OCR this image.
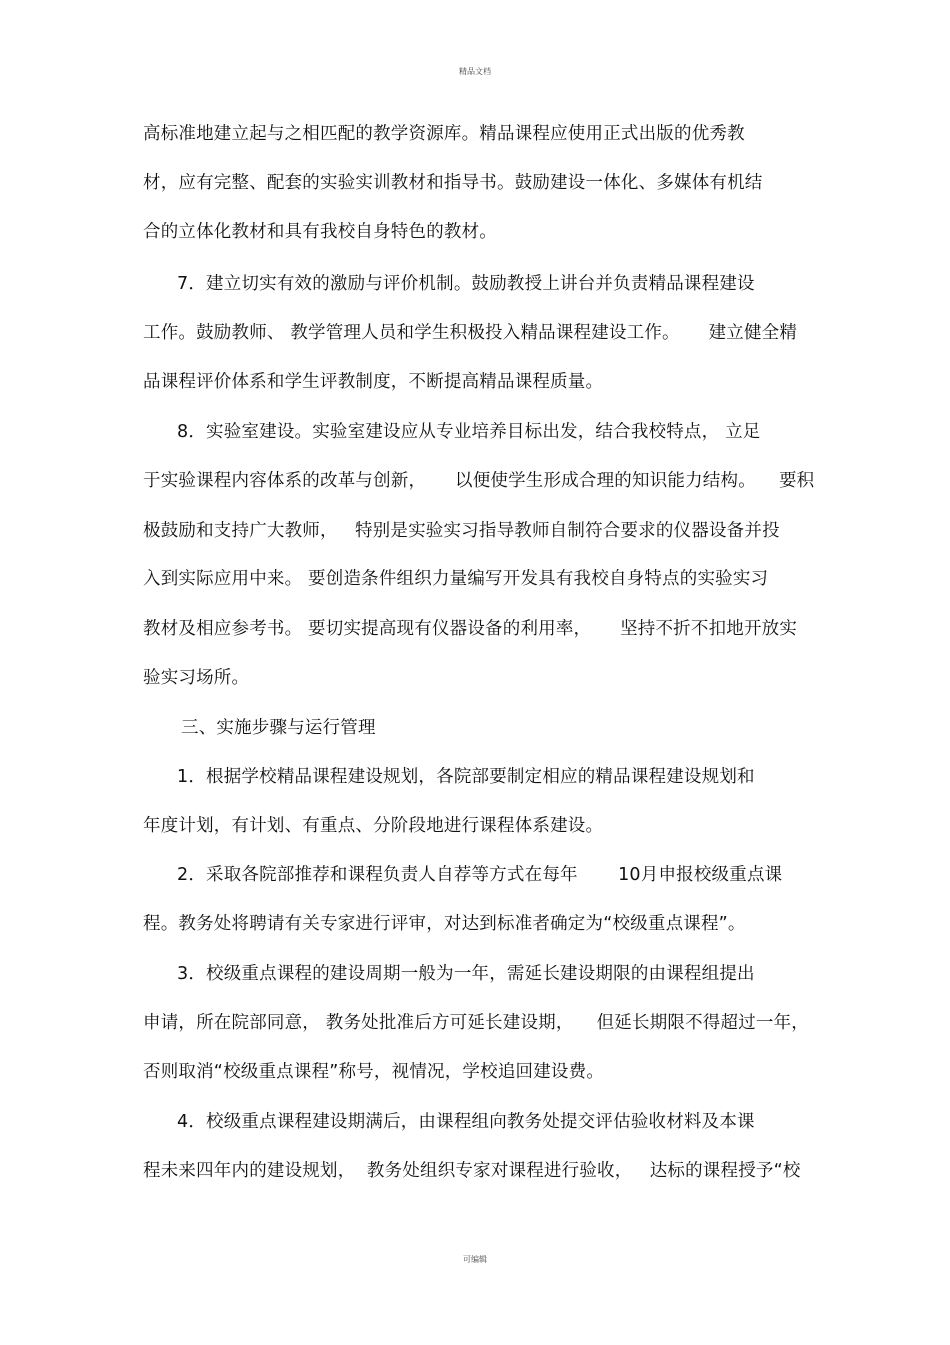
精品文档
高标准地建立起与之相匹配的教学资源库。精品课程应使用正式出版的优秀教
材，应有完整、配套的实验实训教材和指导书。鼓励建设一体化、多媒体有机结
合的立体化教材和具有我校自身特色的教材。
7．建立切实有效的激励与评价机制。鼓励教授上讲台并负责精品课程建设
工作。鼓励教师、 教学管理人员和学生积极投入精品课程建设工作。     建立健全精
品课程评价体系和学生评教制度，不断提高精品课程质量。
8．实验室建设。实验室建设应从专业培养目标出发，结合我校特点， 立足
于实验课程内容体系的改革与创新，     以便使学生形成合理的知识能力结构。    要积
极鼓励和支持广大教师，   特别是实验实习指导教师自制符合要求的仪器设备并投
入到实际应用中来。 要创造条件组织力量编写开发具有我校自身特点的实验实习
教材及相应参考书。 要切实提高现有仪器设备的利用率，     坚持不折不扣地开放实
验实习场所。
三、实施步骤与运行管理
1．根据学校精品课程建设规划，各院部要制定相应的精品课程建设规划和
年度计划，有计划、有重点、分阶段地进行课程体系建设。
2．采取各院部推荐和课程负责人自荐等方式在每年       10月申报校级重点课
程。教务处将聘请有关专家进行评审，对达到标准者确定为“校级重点课程”。
3．校级重点课程的建设周期一般为一年，需延长建设期限的由课程组提出
申请，所在院部同意， 教务处批准后方可延长建设期，    但延长期限不得超过一年，
否则取消“校级重点课程”称号，视情况，学校追回建设费。
4．校级重点课程建设期满后，由课程组向教务处提交评估验收材料及本课
程未来四年内的建设规划，  教务处组织专家对课程进行验收，   达标的课程授予“校
可编辑
